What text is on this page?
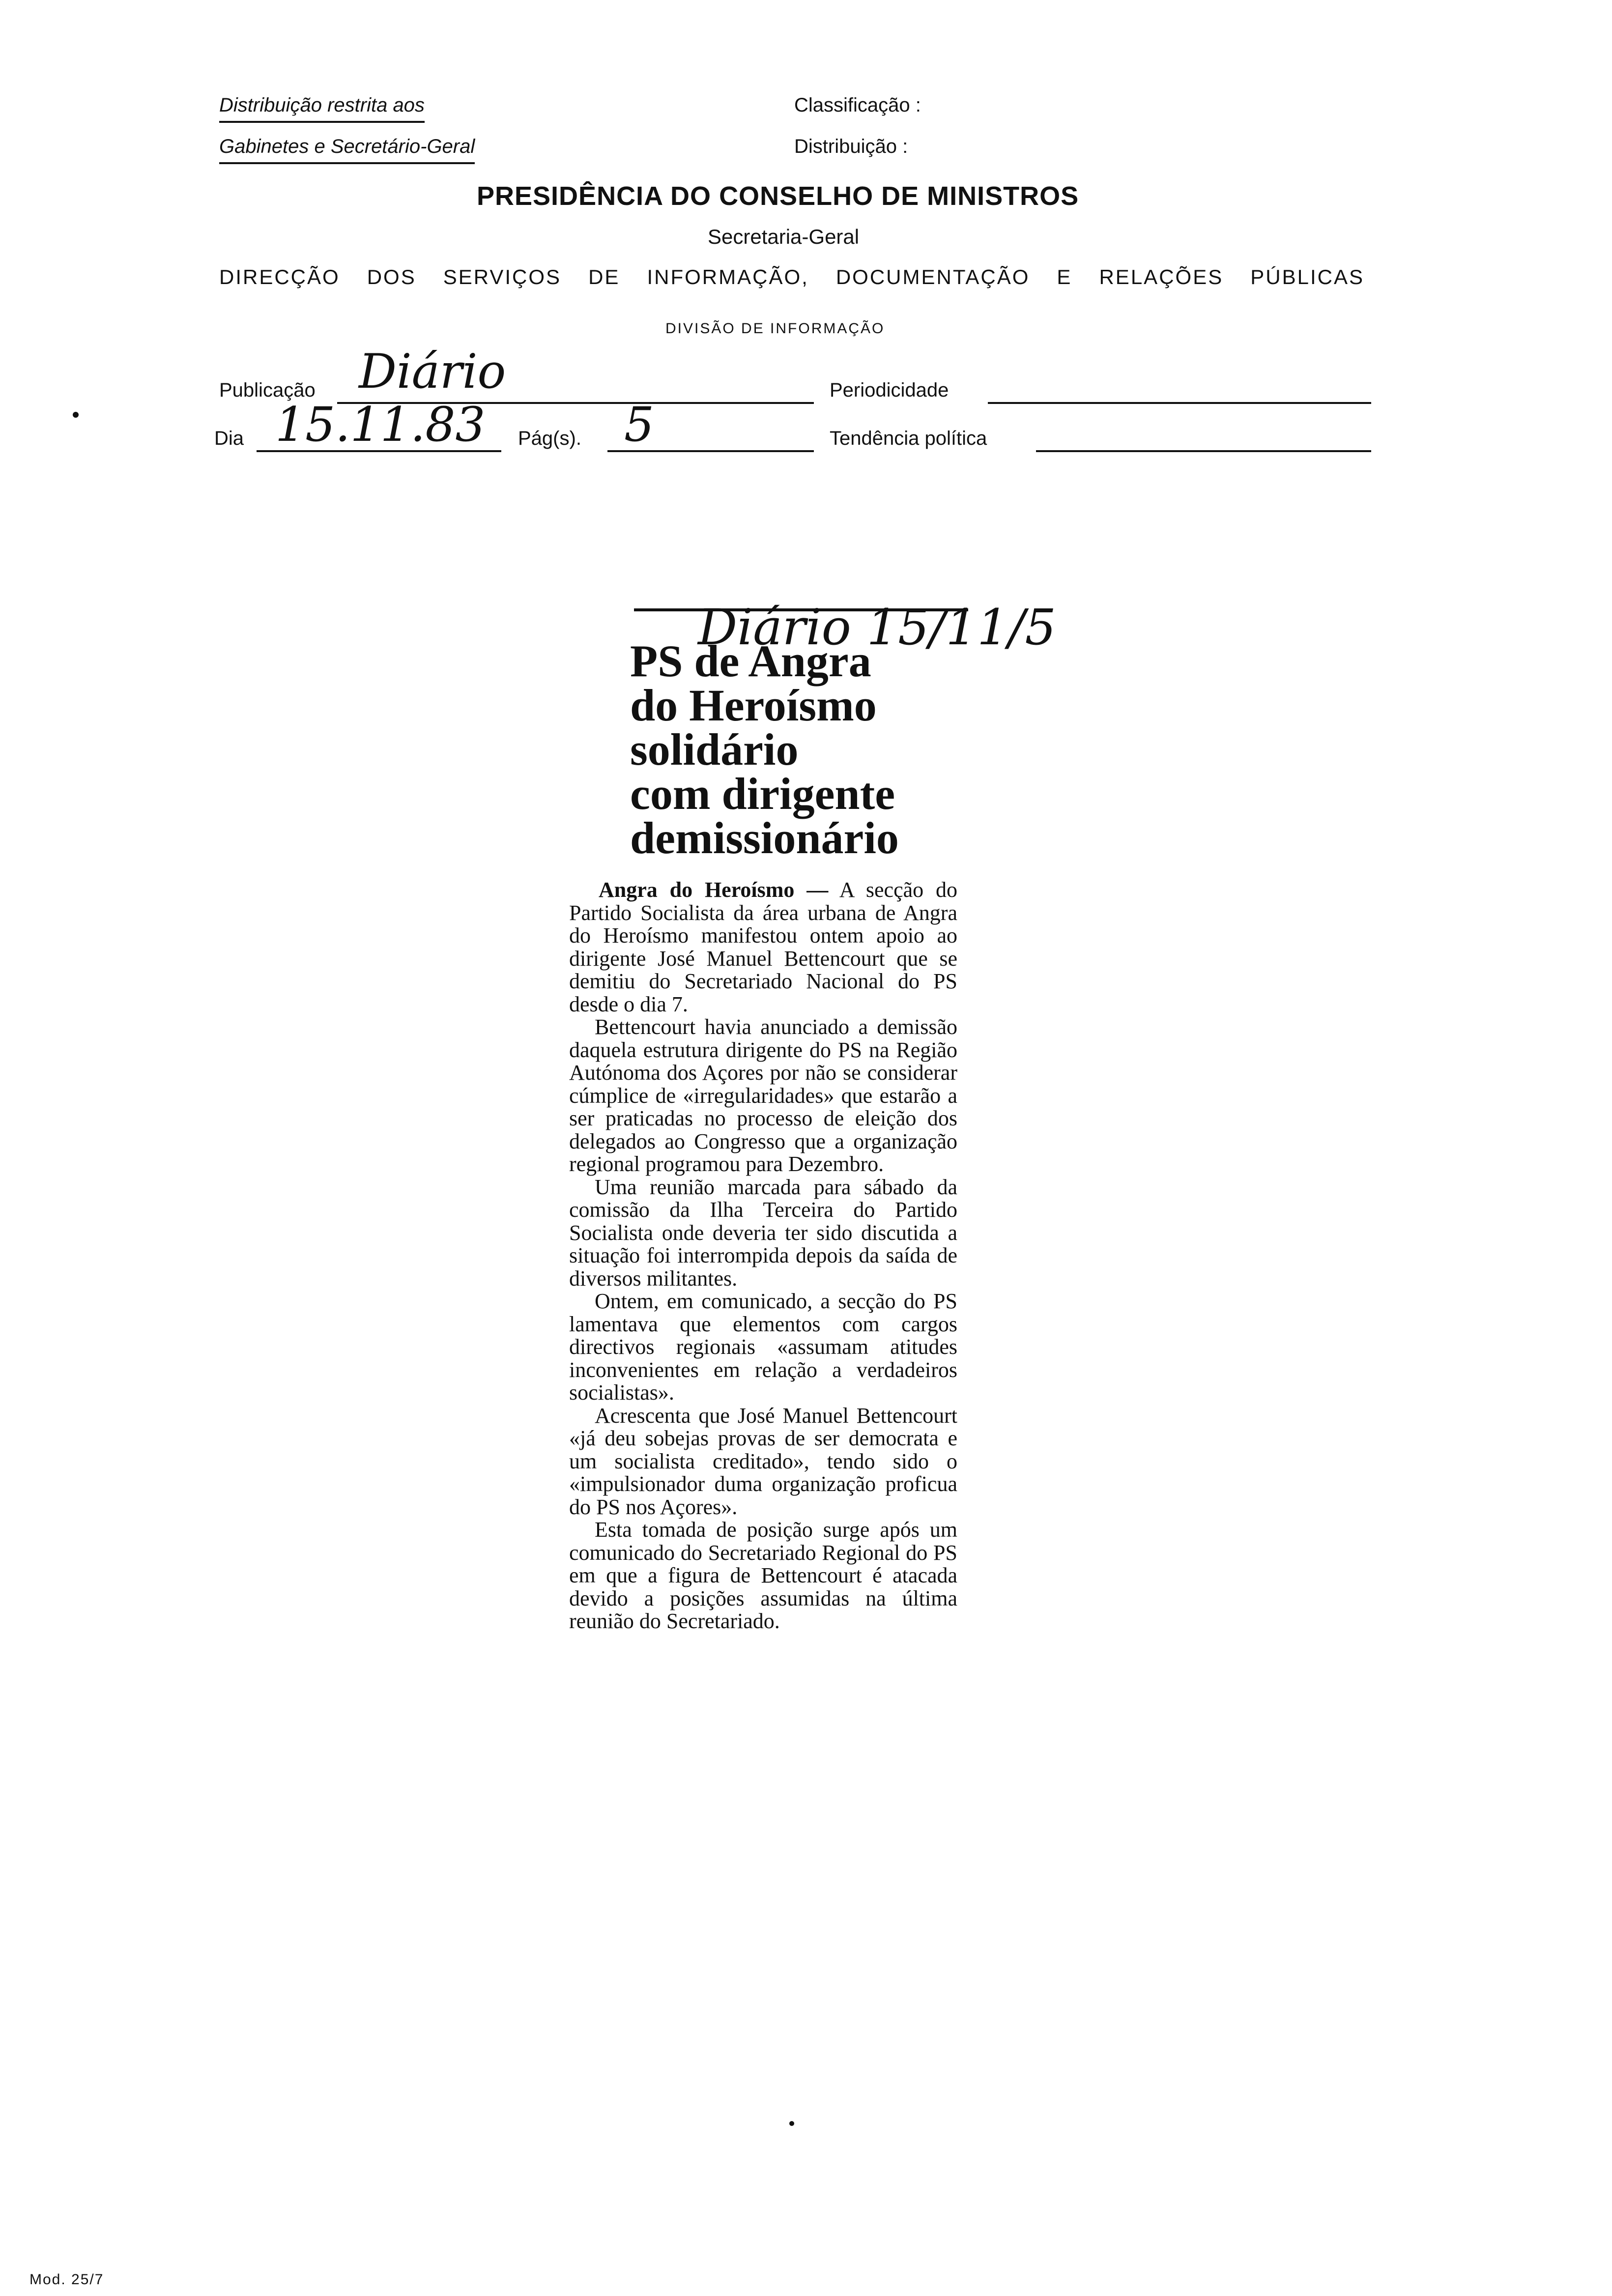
Distribuição restrita aos
Gabinetes e Secretário-Geral
Classificação :
Distribuição :
PRESIDÊNCIA DO CONSELHO DE MINISTROS
Secretaria-Geral
DIRECÇÃO DOS SERVIÇOS DE INFORMAÇÃO, DOCUMENTAÇÃO E RELAÇÕES PÚBLICAS
DIVISÃO DE INFORMAÇÃO
Publicação Diário	Periodicidade
Dia 15.11.83 Pág(s). 5	Tendência política
Diário 15/11/5
PS de Angra
do Heroísmo
solidário
com dirigente
demissionário

Angra do Heroísmo — A secção do Partido Socialista da área urbana de Angra do Heroísmo manifestou ontem apoio ao dirigente José Manuel Bettencourt que se demitiu do Secretariado Nacional do PS desde o dia 7.

Bettencourt havia anunciado a demissão daquela estrutura dirigente do PS na Região Autónoma dos Açores por não se considerar cúmplice de «irregularidades» que estarão a ser praticadas no processo de eleição dos delegados ao Congresso que a organização regional programou para Dezembro.

Uma reunião marcada para sábado da comissão da Ilha Terceira do Partido Socialista onde deveria ter sido discutida a situação foi interrompida depois da saída de diversos militantes.

Ontem, em comunicado, a secção do PS lamentava que elementos com cargos directivos regionais «assumam atitudes inconvenientes em relação a verdadeiros socialistas».

Acrescenta que José Manuel Bettencourt «já deu sobejas provas de ser democrata e um socialista creditado», tendo sido o «impulsionador duma organização proficua do PS nos Açores».

Esta tomada de posição surge após um comunicado do Secretariado Regional do PS em que a figura de Bettencourt é atacada devido a posições assumidas na última reunião do Secretariado.

Mod. 25/7
